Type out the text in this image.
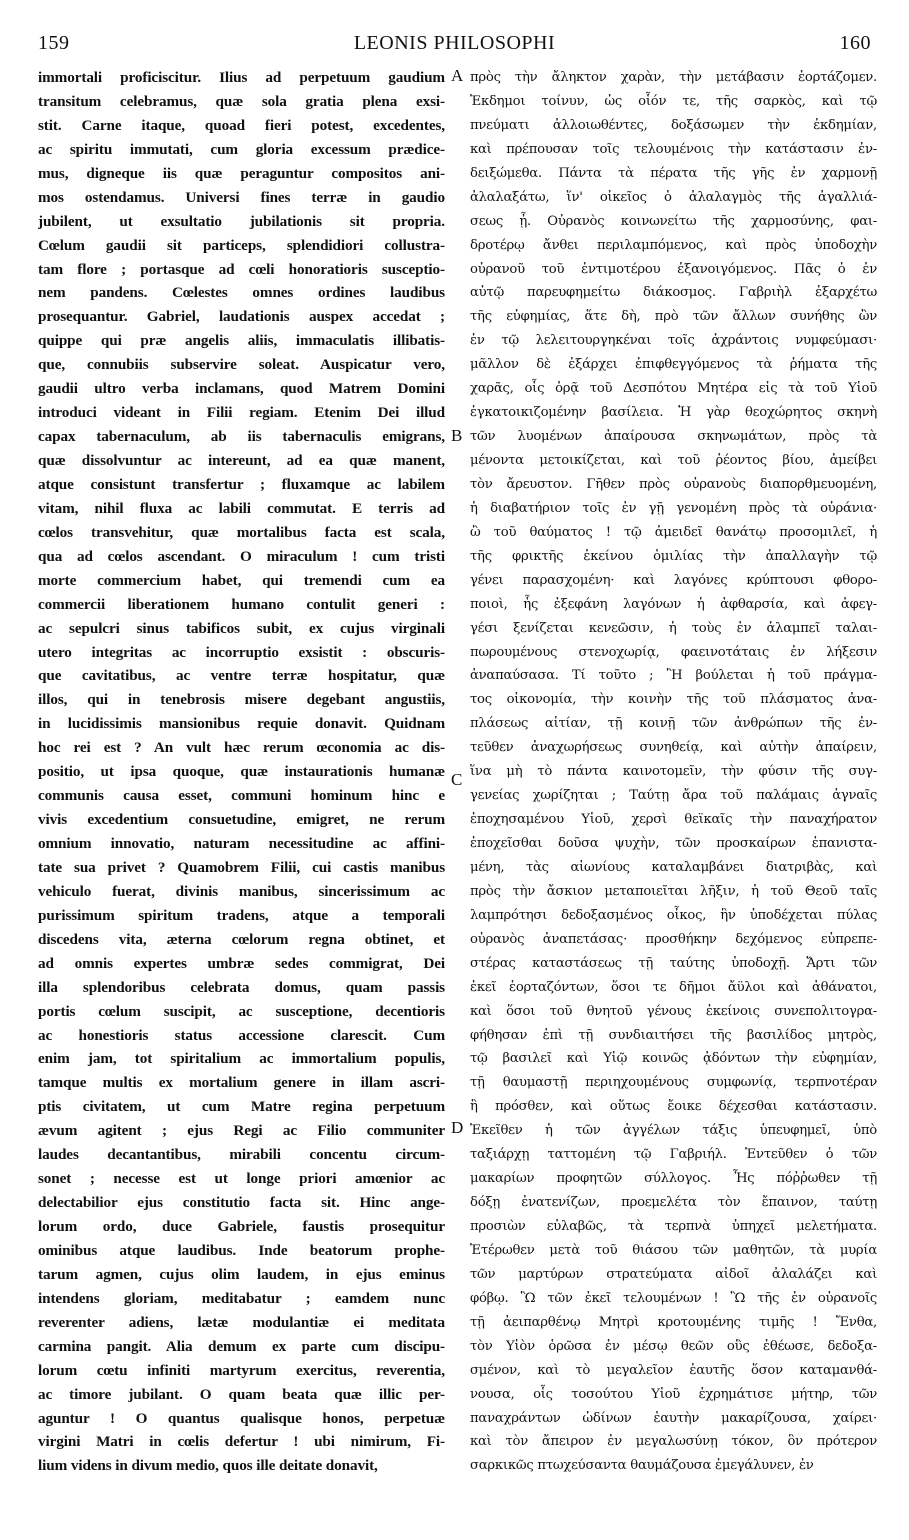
159	LEONIS PHILOSOPHI	160
immortali proficiscitur. Ilius ad perpetuum gaudium
transitum celebramus, quæ sola gratia plena exsi-
stit. Carne itaque, quoad fieri potest, excedentes,
ac spiritu immutati, cum gloria excessum prædice-
mus, digneque iis quæ peraguntur compositos ani-
mos ostendamus. Universi fines terræ in gaudio
jubilent, ut exsultatio jubilationis sit propria.
Cœlum gaudii sit particeps, splendidiori collustra-
tam flore ; portasque ad cœli honoratioris susceptio-
nem pandens. Cœlestes omnes ordines laudibus
prosequantur. Gabriel, laudationis auspex accedat ;
quippe qui præ angelis aliis, immaculatis illibatis-
que, connubiis subservire soleat. Auspicatur vero,
gaudii ultro verba inclamans, quod Matrem Domini
introduci videant in Filii regiam. Etenim Dei illud
capax tabernaculum, ab iis tabernaculis emigrans,
quæ dissolvuntur ac intereunt, ad ea quæ manent,
atque consistunt transfertur ; fluxamque ac labilem
vitam, nihil fluxa ac labili commutat. E terris ad
cœlos transvehitur, quæ mortalibus facta est scala,
qua ad cœlos ascendant. O miraculum ! cum tristi
morte commercium habet, qui tremendi cum ea
commercii liberationem humano contulit generi :
ac sepulcri sinus tabificos subit, ex cujus virginali
utero integritas ac incorruptio exsistit : obscuris-
que cavitatibus, ac ventre terræ hospitatur, quæ
illos, qui in tenebrosis misere degebant angustiis,
in lucidissimis mansionibus requie donavit. Quidnam
hoc rei est ? An vult hæc rerum œconomia ac dis-
positio, ut ipsa quoque, quæ instaurationis humanæ
communis causa esset, communi hominum hinc e
vivis excedentium consuetudine, emigret, ne rerum
omnium innovatio, naturam necessitudine ac affini-
tate sua privet ? Quamobrem Filii, cui castis manibus
vehiculo fuerat, divinis manibus, sincerissimum ac
purissimum spiritum tradens, atque a temporali
discedens vita, æterna cœlorum regna obtinet, et
ad omnis expertes umbræ sedes commigrat, Dei
illa splendoribus celebrata domus, quam passis
portis cœlum suscipit, ac susceptione, decentioris
ac honestioris status accessione clarescit. Cum
enim jam, tot spiritalium ac immortalium populis,
tamque multis ex mortalium genere in illam ascri-
ptis civitatem, ut cum Matre regina perpetuum
ævum agitent ; ejus Regi ac Filio communiter
laudes decantantibus, mirabili concentu circum-
sonet ; necesse est ut longe priori amœnior ac
delectabilior ejus constitutio facta sit. Hinc ange-
lorum ordo, duce Gabriele, faustis prosequitur
ominibus atque laudibus. Inde beatorum prophe-
tarum agmen, cujus olim laudem, in ejus eminus
intendens gloriam, meditabatur ; eamdem nunc
reverenter adiens, lætæ modulantiæ ei meditata
carmina pangit. Alia demum ex parte cum discipu-
lorum cœtu infiniti martyrum exercitus, reverentia,
ac timore jubilant. O quam beata quæ illic per-
aguntur ! O quantus qualisque honos, perpetuæ
virgini Matri in cœlis defertur ! ubi nimirum, Fi-
lium videns in divum medio, quos ille deitate donavit,
πρὸς τὴν ἄληκτον χαρὰν, τὴν μετάβασιν ἑορτάζομεν.
Ἐκδημοι τοίνυν, ὡς οἷόν τε, τῆς σαρκὸς, καὶ τῷ
πνεύματι ἀλλοιωθέντες, δοξάσωμεν τὴν ἐκδημίαν,
καὶ πρέπουσαν τοῖς τελουμένοις τὴν κατάστασιν ἐν-
δειξώμεθα. Πάντα τὰ πέρατα τῆς γῆς ἐν χαρμονῇ
ἀλαλαξάτω, ἵν' οἰκεῖος ὁ ἀλαλαγμὸς τῆς ἀγαλλιά-
σεως ᾖ. Οὐρανὸς κοινωνείτω τῆς χαρμοσύνης, φαι-
δροτέρῳ ἄνθει περιλαμπόμενος, καὶ πρὸς ὑποδοχὴν
οὐρανοῦ τοῦ ἐντιμοτέρου ἐξανοιγόμενος. Πᾶς ὁ ἐν
αὐτῷ παρευφημείτω διάκοσμος. Γαβριὴλ ἐξαρχέτω
τῆς εὐφημίας, ἅτε δὴ, πρὸ τῶν ἄλλων συνήθης ὢν
ἐν τῷ λελειτουργηκέναι τοῖς ἀχράντοις νυμφεύμασι·
μᾶλλον δὲ ἐξάρχει ἐπιφθεγγόμενος τὰ ῥήματα τῆς
χαρᾶς, οἷς ὁρᾷ τοῦ Δεσπότου Μητέρα εἰς τὰ τοῦ Υἱοῦ
ἐγκατοικιζομένην βασίλεια. Ἡ γὰρ θεοχώρητος σκηνὴ
τῶν λυομένων ἀπαίρουσα σκηνωμάτων, πρὸς τὰ
μένοντα μετοικίζεται, καὶ τοῦ ῥέοντος βίου, ἀμείβει
τὸν ἄρευστον. Γῆθεν πρὸς οὐρανοὺς διαπορθμευομένη,
ἡ διαβατήριον τοῖς ἐν γῇ γενομένη πρὸς τὰ οὐράνια·
ὢ τοῦ θαύματος ! τῷ ἀμειδεῖ θανάτῳ προσομιλεῖ, ἡ
τῆς φρικτῆς ἐκείνου ὁμιλίας τὴν ἀπαλλαγὴν τῷ
γένει παρασχομένη· καὶ λαγόνες κρύπτουσι φθορο-
ποιοὶ, ἧς ἐξεφάνη λαγόνων ἡ ἀφθαρσία, καὶ ἀφεγ-
γέσι ξενίζεται κενεῶσιν, ἡ τοὺς ἐν ἀλαμπεῖ ταλαι-
πωρουμένους στενοχωρίᾳ, φαεινοτάταις ἐν λήξεσιν
ἀναπαύσασα. Τί τοῦτο ; Ἢ βούλεται ἡ τοῦ πράγμα-
τος οἰκονομία, τὴν κοινὴν τῆς τοῦ πλάσματος ἀνα-
πλάσεως αἰτίαν, τῇ κοινῇ τῶν ἀνθρώπων τῆς ἐν-
τεῦθεν ἀναχωρήσεως συνηθείᾳ, καὶ αὐτὴν ἀπαίρειν,
ἵνα μὴ τὸ πάντα καινοτομεῖν, τὴν φύσιν τῆς συγ-
γενείας χωρίζηται ; Ταύτῃ ἄρα τοῦ παλάμαις ἁγναῖς
ἐποχησαμένου Υἱοῦ, χερσὶ θεϊκαῖς τὴν παναχήρατον
ἐποχεῖσθαι δοῦσα ψυχὴν, τῶν προσκαίρων ἐπανιστα-
μένη, τὰς αἰωνίους καταλαμβάνει διατριβὰς, καὶ
πρὸς τὴν ἄσκιον μεταποιεῖται λῆξιν, ἡ τοῦ Θεοῦ ταῖς
λαμπρότησι δεδοξασμένος οἶκος, ἣν ὑποδέχεται πύλας
οὐρανὸς ἀναπετάσας· προσθήκην δεχόμενος εὐπρεπε-
στέρας καταστάσεως τῇ ταύτης ὑποδοχῇ. Ἄρτι τῶν
ἐκεῖ ἑορταζόντων, ὅσοι τε δῆμοι ἄϋλοι καὶ ἀθάνατοι,
καὶ ὅσοι τοῦ θνητοῦ γένους ἐκείνοις συνεπολιτογρα-
φήθησαν ἐπὶ τῇ συνδιαιτήσει τῆς βασιλίδος μητρὸς,
τῷ βασιλεῖ καὶ Υἱῷ κοινῶς ᾀδόντων τὴν εὐφημίαν,
τῇ θαυμαστῇ περιηχουμένους συμφωνίᾳ, τερπνοτέραν
ἢ πρόσθεν, καὶ οὕτως ἔοικε δέχεσθαι κατάστασιν.
Ἐκεῖθεν ἡ τῶν ἀγγέλων τάξις ὑπευφημεῖ, ὑπὸ
ταξιάρχῃ ταττομένη τῷ Γαβριήλ. Ἐντεῦθεν ὁ τῶν
μακαρίων προφητῶν σύλλογος. Ἧς πόῤῥωθεν τῇ
δόξῃ ἐνατενίζων, προεμελέτα τὸν ἔπαινον, ταύτῃ
προσιὼν εὐλαβῶς, τὰ τερπνὰ ὑπηχεῖ μελετήματα.
Ἑτέρωθεν μετὰ τοῦ θιάσου τῶν μαθητῶν, τὰ μυρία
τῶν μαρτύρων στρατεύματα αἰδοῖ ἀλαλάζει καὶ
φόβῳ. Ὢ τῶν ἐκεῖ τελουμένων ! Ὢ τῆς ἐν οὐρανοῖς
τῇ ἀειπαρθένῳ Μητρὶ κροτουμένης τιμῆς ! Ἔνθα,
τὸν Υἱὸν ὁρῶσα ἐν μέσῳ θεῶν οὓς ἐθέωσε, δεδοξα-
σμένον, καὶ τὸ μεγαλεῖον ἑαυτῆς ὅσον καταμανθά-
νουσα, οἷς τοσούτου Υἱοῦ ἐχρημάτισε μήτηρ, τῶν
παναχράντων ὠδίνων ἑαυτὴν μακαρίζουσα, χαίρει·
καὶ τὸν ἄπειρον ἐν μεγαλωσύνῃ τόκον, ὃν πρότερον
σαρκικῶς πτωχεύσαντα θαυμάζουσα ἐμεγάλυνεν, ἐν
A
B
C
D
